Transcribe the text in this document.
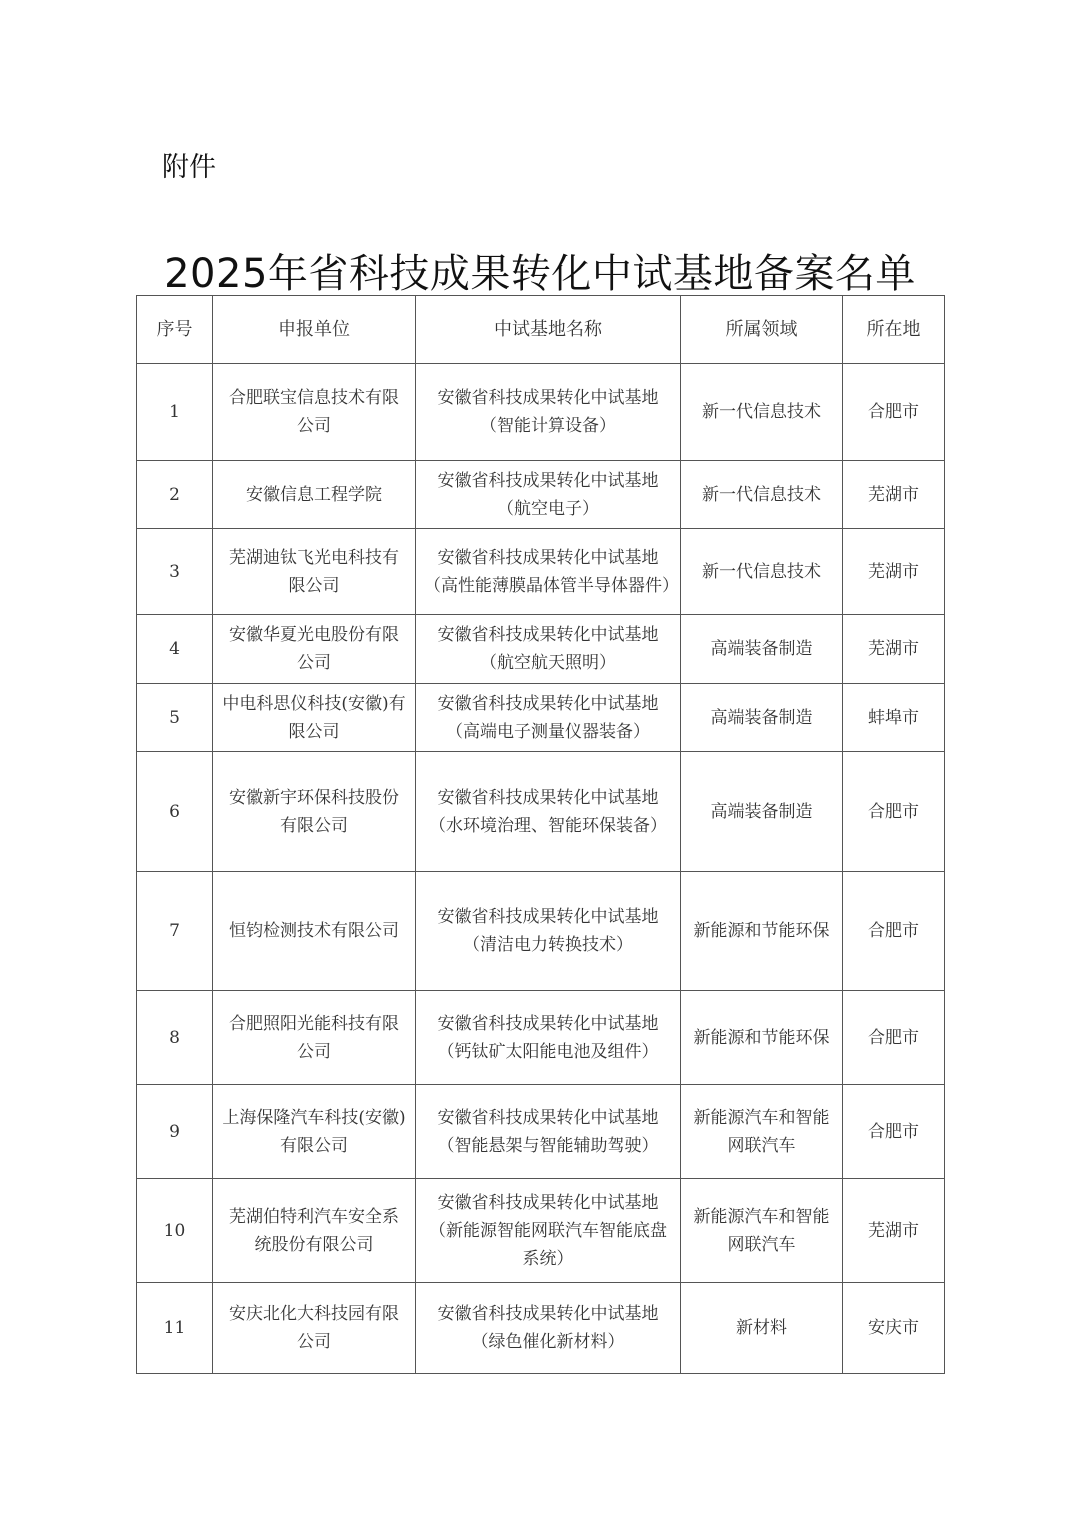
附件
2025年省科技成果转化中试基地备案名单
序号	申报单位	中试基地名称	所属领域	所在地
1	合肥联宝信息技术有限公司	安徽省科技成果转化中试基地（智能计算设备）	新一代信息技术	合肥市
2	安徽信息工程学院	安徽省科技成果转化中试基地（航空电子）	新一代信息技术	芜湖市
3	芜湖迪钛飞光电科技有限公司	安徽省科技成果转化中试基地（高性能薄膜晶体管半导体器件）	新一代信息技术	芜湖市
4	安徽华夏光电股份有限公司	安徽省科技成果转化中试基地（航空航天照明）	高端装备制造	芜湖市
5	中电科思仪科技(安徽)有限公司	安徽省科技成果转化中试基地（高端电子测量仪器装备）	高端装备制造	蚌埠市
6	安徽新宇环保科技股份有限公司	安徽省科技成果转化中试基地（水环境治理、智能环保装备）	高端装备制造	合肥市
7	恒钧检测技术有限公司	安徽省科技成果转化中试基地（清洁电力转换技术）	新能源和节能环保	合肥市
8	合肥照阳光能科技有限公司	安徽省科技成果转化中试基地（钙钛矿太阳能电池及组件）	新能源和节能环保	合肥市
9	上海保隆汽车科技(安徽)有限公司	安徽省科技成果转化中试基地（智能悬架与智能辅助驾驶）	新能源汽车和智能网联汽车	合肥市
10	芜湖伯特利汽车安全系统股份有限公司	安徽省科技成果转化中试基地（新能源智能网联汽车智能底盘系统）	新能源汽车和智能网联汽车	芜湖市
11	安庆北化大科技园有限公司	安徽省科技成果转化中试基地（绿色催化新材料）	新材料	安庆市
